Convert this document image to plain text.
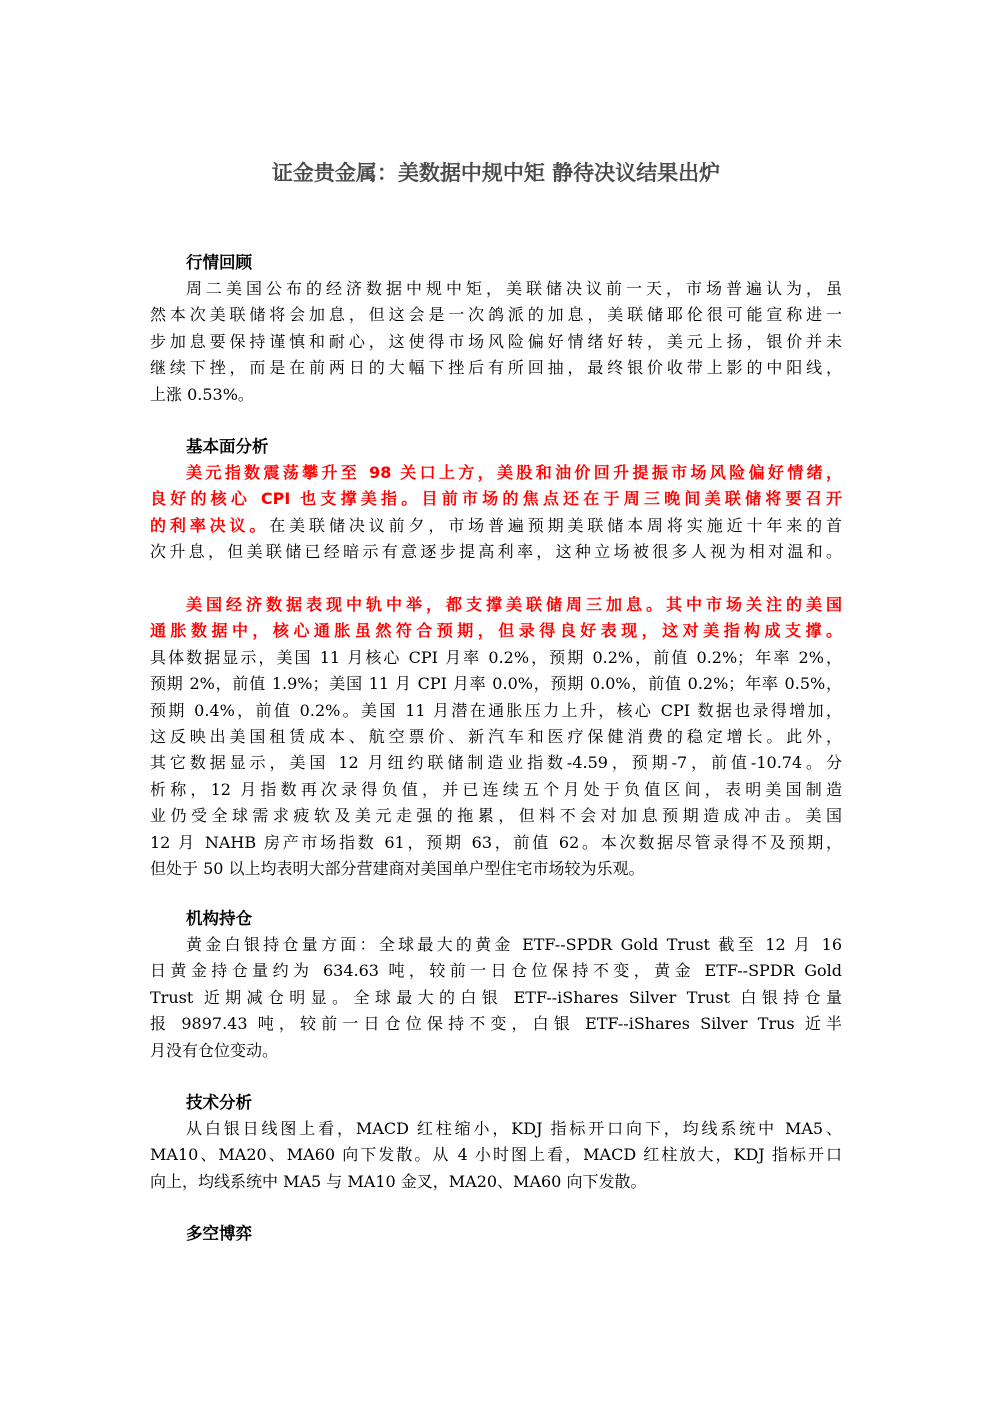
证金贵金属：美数据中规中矩 静待决议结果出炉
行情回顾
周二美国公布的经济数据中规中矩，美联储决议前一天，市场普遍认为，虽
然本次美联储将会加息，但这会是一次鸽派的加息，美联储耶伦很可能宣称进一
步加息要保持谨慎和耐心，这使得市场风险偏好情绪好转，美元上扬，银价并未
继续下挫，而是在前两日的大幅下挫后有所回抽，最终银价收带上影的中阳线，
上涨 0.53%。
基本面分析
美元指数震荡攀升至 98 关口上方，美股和油价回升提振市场风险偏好情绪，
良好的核心 CPI 也支撑美指。目前市场的焦点还在于周三晚间美联储将要召开
的利率决议。在美联储决议前夕，市场普遍预期美联储本周将实施近十年来的首
次升息，但美联储已经暗示有意逐步提高利率，这种立场被很多人视为相对温和。
美国经济数据表现中轨中举，都支撑美联储周三加息。其中市场关注的美国
通胀数据中，核心通胀虽然符合预期，但录得良好表现，这对美指构成支撑。
具体数据显示，美国 11 月核心 CPI 月率 0.2%，预期 0.2%，前值 0.2%；年率 2%，
预期 2%，前值 1.9%；美国 11 月 CPI 月率 0.0%，预期 0.0%，前值 0.2%；年率 0.5%，
预期 0.4%，前值 0.2%。美国 11 月潜在通胀压力上升，核心 CPI 数据也录得增加，
这反映出美国租赁成本、航空票价、新汽车和医疗保健消费的稳定增长。此外，
其它数据显示，美国 12 月纽约联储制造业指数-4.59，预期-7，前值-10.74。分
析称，12 月指数再次录得负值，并已连续五个月处于负值区间，表明美国制造
业仍受全球需求疲软及美元走强的拖累，但料不会对加息预期造成冲击。美国
12 月 NAHB 房产市场指数 61，预期 63，前值 62。本次数据尽管录得不及预期，
但处于 50 以上均表明大部分营建商对美国单户型住宅市场较为乐观。
机构持仓
黄金白银持仓量方面：全球最大的黄金 ETF--SPDR Gold Trust 截至 12 月 16
日黄金持仓量约为 634.63 吨，较前一日仓位保持不变，黄金 ETF--SPDR Gold
Trust 近期减仓明显。全球最大的白银 ETF--iShares Silver Trust 白银持仓量
报 9897.43 吨，较前一日仓位保持不变，白银 ETF--iShares Silver Trus 近半
月没有仓位变动。
技术分析
从白银日线图上看，MACD 红柱缩小，KDJ 指标开口向下，均线系统中 MA5、
MA10、MA20、MA60 向下发散。从 4 小时图上看，MACD 红柱放大，KDJ 指标开口
向上，均线系统中 MA5 与 MA10 金叉，MA20、MA60 向下发散。
多空博弈
